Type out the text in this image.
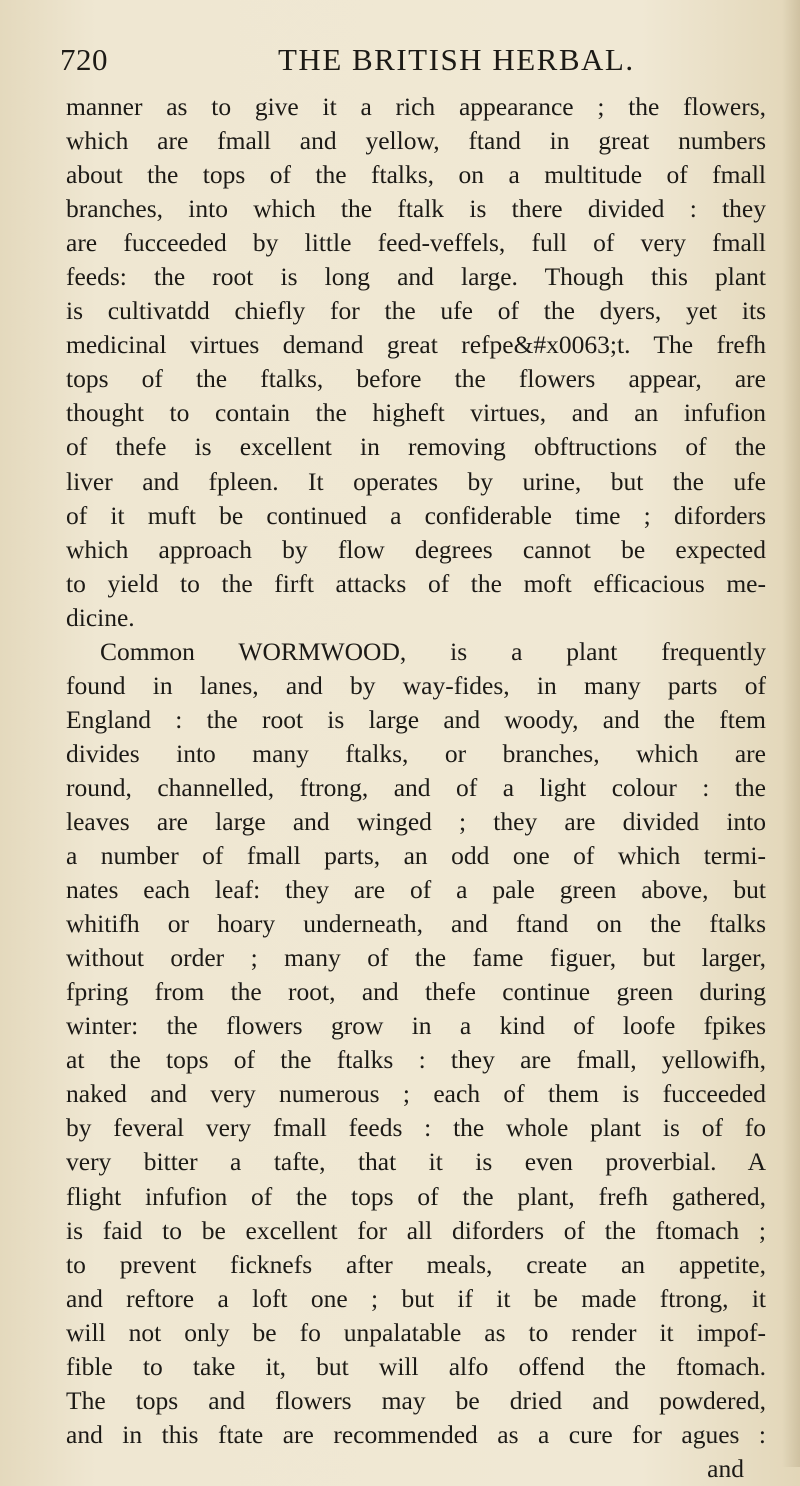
720	THE BRITISH HERBAL.
manner as to give it a rich appearance ; the flowers,
which are fmall and yellow, ftand in great numbers
about the tops of the ftalks, on a multitude of fmall
branches, into which the ftalk is there divided : they
are fucceeded by little feed-veffels, full of very fmall
feeds: the root is long and large. Though this plant
is cultivatdd chiefly for the ufe of the dyers, yet its
medicinal virtues demand great refpe&#x0063;t. The frefh
tops of the ftalks, before the flowers appear, are
thought to contain the higheft virtues, and an infufion
of thefe is excellent in removing obftructions of the
liver and fpleen. It operates by urine, but the ufe
of it muft be continued a confiderable time ; diforders
which approach by flow degrees cannot be expected
to yield to the firft attacks of the moft efficacious me-
dicine.
Common WORMWOOD, is a plant frequently
found in lanes, and by way-fides, in many parts of
England : the root is large and woody, and the ftem
divides into many ftalks, or branches, which are
round, channelled, ftrong, and of a light colour : the
leaves are large and winged ; they are divided into
a number of fmall parts, an odd one of which termi-
nates each leaf: they are of a pale green above, but
whitifh or hoary underneath, and ftand on the ftalks
without order ; many of the fame figuer, but larger,
fpring from the root, and thefe continue green during
winter: the flowers grow in a kind of loofe fpikes
at the tops of the ftalks : they are fmall, yellowifh,
naked and very numerous ; each of them is fucceeded
by feveral very fmall feeds : the whole plant is of fo
very bitter a tafte, that it is even proverbial. A
flight infufion of the tops of the plant, frefh gathered,
is faid to be excellent for all diforders of the ftomach ;
to prevent ficknefs after meals, create an appetite,
and reftore a loft one ; but if it be made ftrong, it
will not only be fo unpalatable as to render it impof-
fible to take it, but will alfo offend the ftomach.
The tops and flowers may be dried and powdered,
and in this ftate are recommended as a cure for agues :
and
